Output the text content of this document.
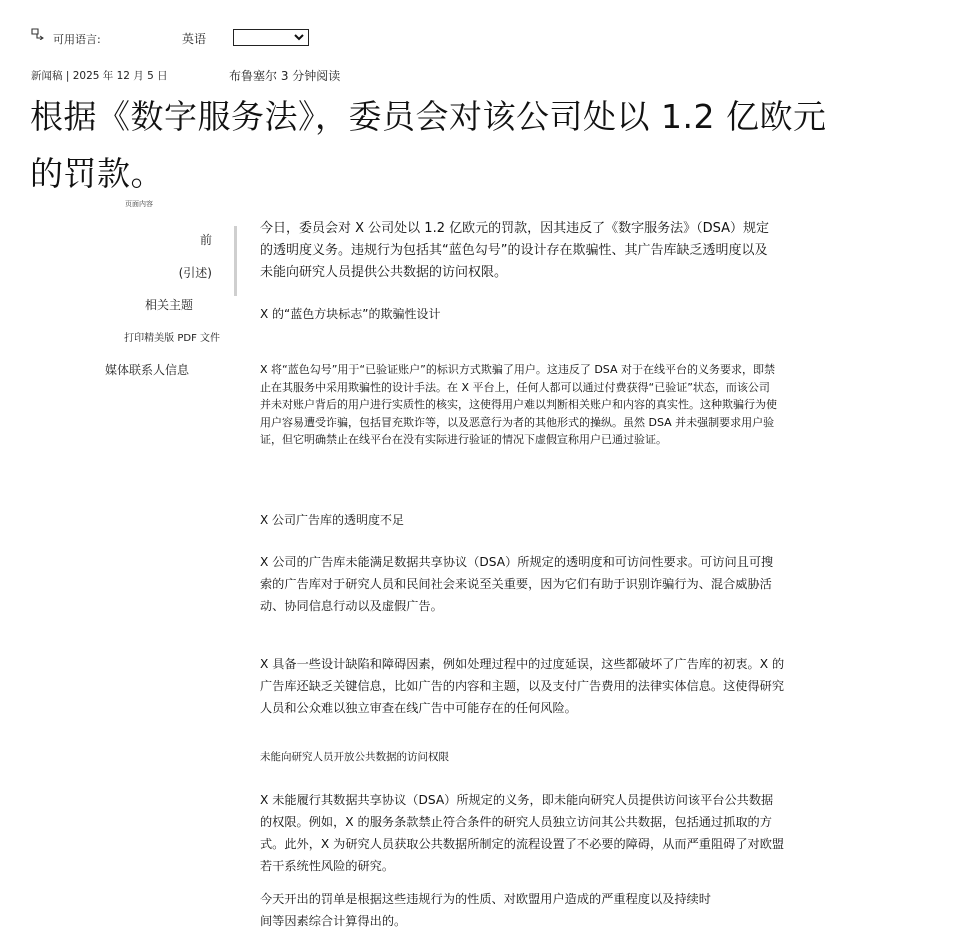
可用语言:	英语
新闻稿 | 2025 年 12 月 5 日	布鲁塞尔 3 分钟阅读
根据《数字服务法》，委员会对该公司处以 1.2 亿欧元的罚款。
页面内容
前
(引述)
相关主题
打印精美版 PDF 文件
媒体联系人信息

今日，委员会对 X 公司处以 1.2 亿欧元的罚款，因其违反了《数字服务法》（DSA）规定的透明度义务。违规行为包括其“蓝色勾号”的设计存在欺骗性、其广告库缺乏透明度以及未能向研究人员提供公共数据的访问权限。

X 的“蓝色方块标志”的欺骗性设计

X 将“蓝色勾号”用于“已验证账户”的标识方式欺骗了用户。这违反了 DSA 对于在线平台的义务要求，即禁止在其服务中采用欺骗性的设计手法。在 X 平台上，任何人都可以通过付费获得“已验证”状态，而该公司并未对账户背后的用户进行实质性的核实，这使得用户难以判断相关账户和内容的真实性。这种欺骗行为使用户容易遭受诈骗，包括冒充欺诈等，以及恶意行为者的其他形式的操纵。虽然 DSA 并未强制要求用户验证，但它明确禁止在线平台在没有实际进行验证的情况下虚假宣称用户已通过验证。

X 公司广告库的透明度不足

X 公司的广告库未能满足数据共享协议（DSA）所规定的透明度和可访问性要求。可访问且可搜索的广告库对于研究人员和民间社会来说至关重要，因为它们有助于识别诈骗行为、混合威胁活动、协同信息行动以及虚假广告。

X 具备一些设计缺陷和障碍因素，例如处理过程中的过度延误，这些都破坏了广告库的初衷。X 的广告库还缺乏关键信息，比如广告的内容和主题，以及支付广告费用的法律实体信息。这使得研究人员和公众难以独立审查在线广告中可能存在的任何风险。

未能向研究人员开放公共数据的访问权限

X 未能履行其数据共享协议（DSA）所规定的义务，即未能向研究人员提供访问该平台公共数据的权限。例如，X 的服务条款禁止符合条件的研究人员独立访问其公共数据，包括通过抓取的方式。此外，X 为研究人员获取公共数据所制定的流程设置了不必要的障碍，从而严重阻碍了对欧盟若干系统性风险的研究。

今天开出的罚单是根据这些违规行为的性质、对欧盟用户造成的严重程度以及持续时间等因素综合计算得出的。
